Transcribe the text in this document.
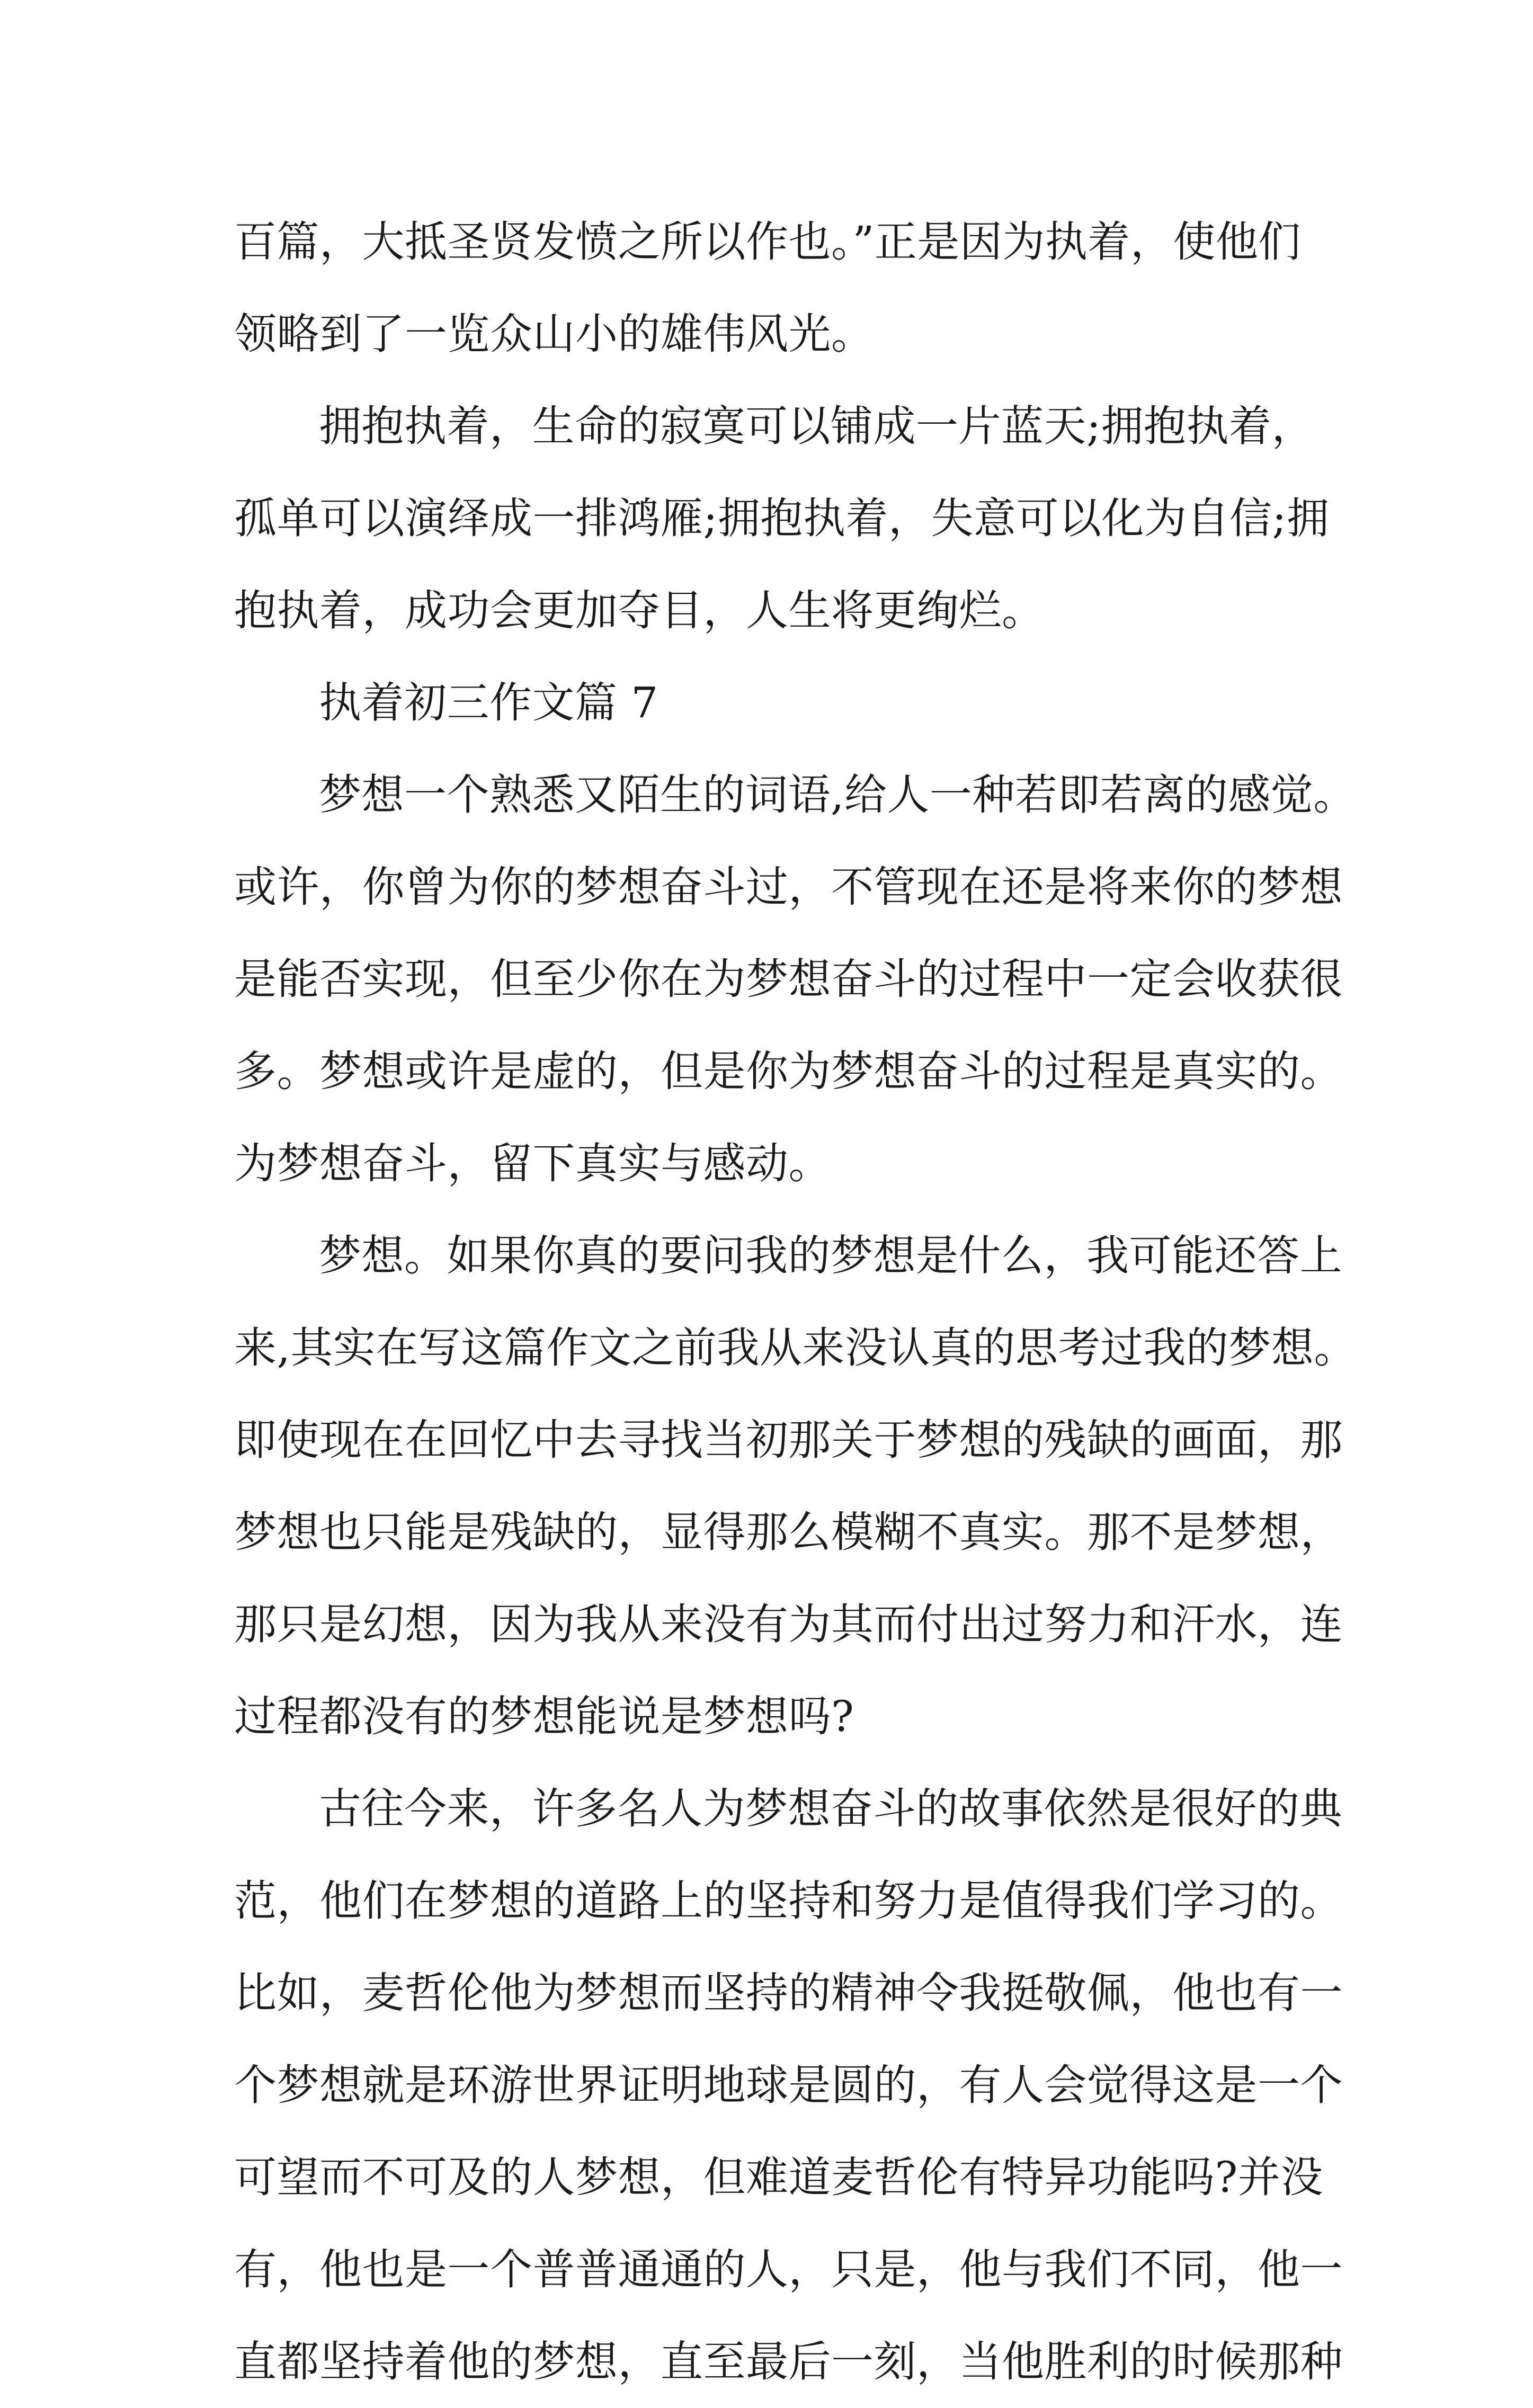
百篇，大抵圣贤发愤之所以作也。”正是因为执着，使他们
领略到了一览众山小的雄伟风光。
拥抱执着，生命的寂寞可以铺成一片蓝天;拥抱执着，
孤单可以演绎成一排鸿雁;拥抱执着，失意可以化为自信;拥
抱执着，成功会更加夺目，人生将更绚烂。
执着初三作文篇 7
梦想一个熟悉又陌生的词语,给人一种若即若离的感觉。
或许，你曾为你的梦想奋斗过，不管现在还是将来你的梦想
是能否实现，但至少你在为梦想奋斗的过程中一定会收获很
多。梦想或许是虚的，但是你为梦想奋斗的过程是真实的。
为梦想奋斗，留下真实与感动。
梦想。如果你真的要问我的梦想是什么，我可能还答上
来,其实在写这篇作文之前我从来没认真的思考过我的梦想。
即使现在在回忆中去寻找当初那关于梦想的残缺的画面，那
梦想也只能是残缺的，显得那么模糊不真实。那不是梦想，
那只是幻想，因为我从来没有为其而付出过努力和汗水，连
过程都没有的梦想能说是梦想吗?
古往今来，许多名人为梦想奋斗的故事依然是很好的典
范，他们在梦想的道路上的坚持和努力是值得我们学习的。
比如，麦哲伦他为梦想而坚持的精神令我挺敬佩，他也有一
个梦想就是环游世界证明地球是圆的，有人会觉得这是一个
可望而不可及的人梦想，但难道麦哲伦有特异功能吗?并没
有，他也是一个普普通通的人，只是，他与我们不同，他一
直都坚持着他的梦想，直至最后一刻，当他胜利的时候那种
